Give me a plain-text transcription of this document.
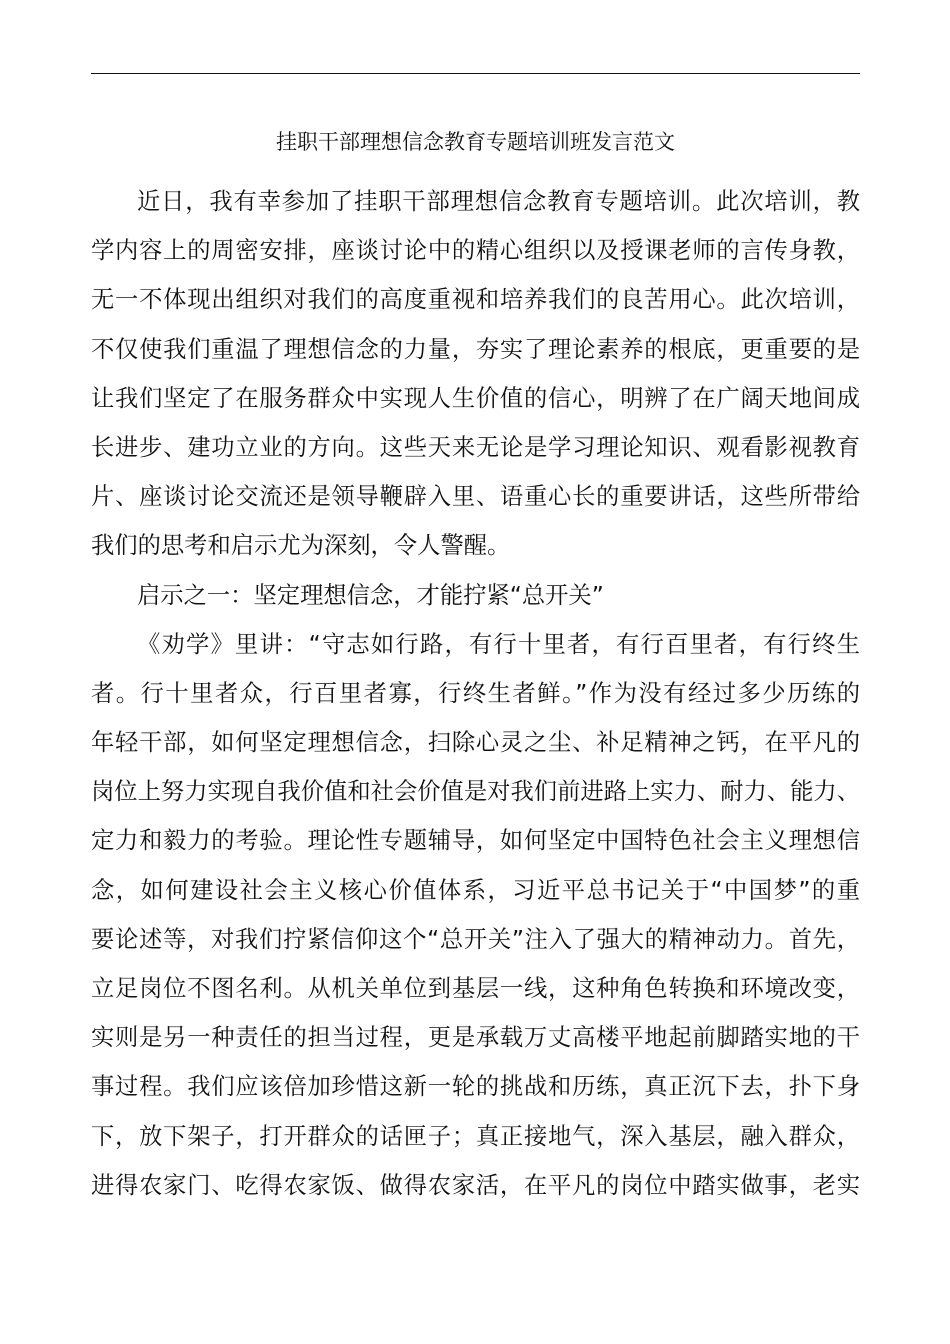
挂职干部理想信念教育专题培训班发言范文
近日，我有幸参加了挂职干部理想信念教育专题培训。此次培训，教
学内容上的周密安排，座谈讨论中的精心组织以及授课老师的言传身教，
无一不体现出组织对我们的高度重视和培养我们的良苦用心。此次培训，
不仅使我们重温了理想信念的力量，夯实了理论素养的根底，更重要的是
让我们坚定了在服务群众中实现人生价值的信心，明辨了在广阔天地间成
长进步、建功立业的方向。这些天来无论是学习理论知识、观看影视教育
片、座谈讨论交流还是领导鞭辟入里、语重心长的重要讲话，这些所带给
我们的思考和启示尤为深刻，令人警醒。
启示之一：坚定理想信念，才能拧紧“总开关”
《劝学》里讲：“守志如行路，有行十里者，有行百里者，有行终生
者。行十里者众，行百里者寡，行终生者鲜。”作为没有经过多少历练的
年轻干部，如何坚定理想信念，扫除心灵之尘、补足精神之钙，在平凡的
岗位上努力实现自我价值和社会价值是对我们前进路上实力、耐力、能力、
定力和毅力的考验。理论性专题辅导，如何坚定中国特色社会主义理想信
念，如何建设社会主义核心价值体系，习近平总书记关于“中国梦”的重
要论述等，对我们拧紧信仰这个“总开关”注入了强大的精神动力。首先，
立足岗位不图名利。从机关单位到基层一线，这种角色转换和环境改变，
实则是另一种责任的担当过程，更是承载万丈高楼平地起前脚踏实地的干
事过程。我们应该倍加珍惜这新一轮的挑战和历练，真正沉下去，扑下身
下，放下架子，打开群众的话匣子；真正接地气，深入基层，融入群众，
进得农家门、吃得农家饭、做得农家活，在平凡的岗位中踏实做事，老实
